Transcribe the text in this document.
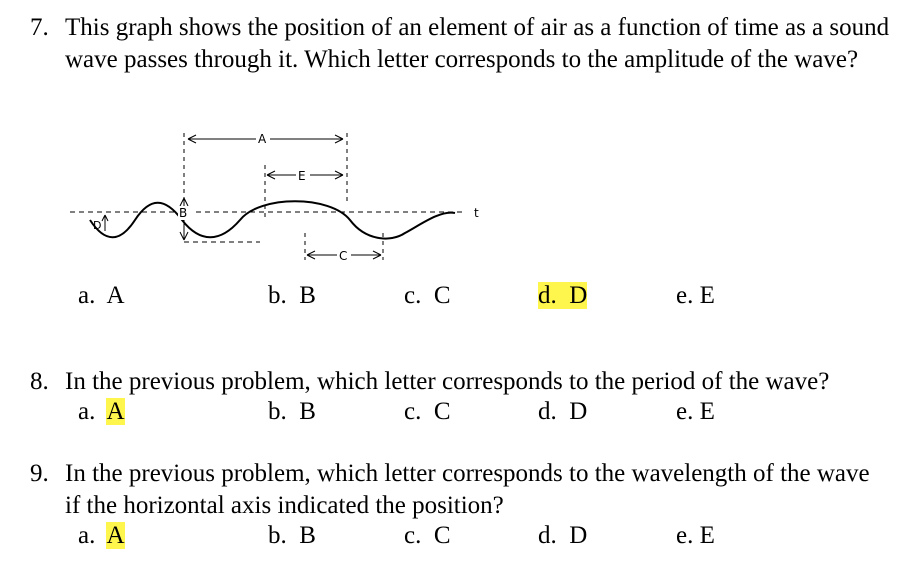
7. This graph shows the position of an element of air as a function of time as a sound wave passes through it. Which letter corresponds to the amplitude of the wave?
t
A
E
B
C
D
a. A	b. B	c. C	d. D	e. E
8. In the previous problem, which letter corresponds to the period of the wave?
a. A	b. B	c. C	d. D	e. E
9. In the previous problem, which letter corresponds to the wavelength of the wave if the horizontal axis indicated the position?
a. A	b. B	c. C	d. D	e. E
